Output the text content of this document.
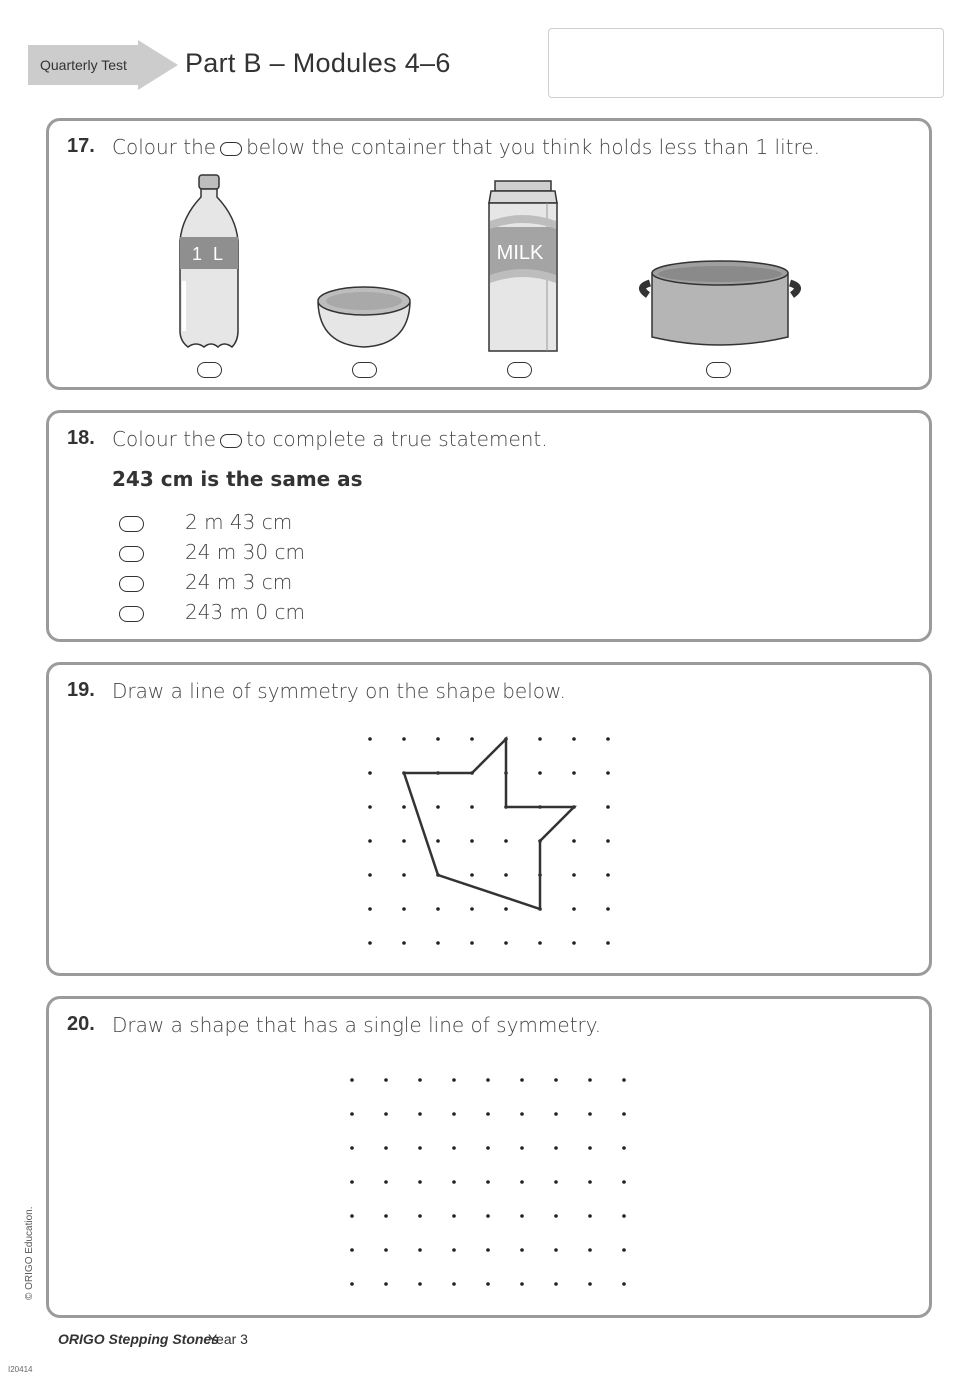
Quarterly Test Part B – Modules 4–6
17. Colour the below the container that you think holds less than 1 litre.
1 L	MILK
18. Colour the to complete a true statement.
243 cm is the same as
2 m 43 cm
24 m 30 cm
24 m 3 cm
243 m 0 cm
19. Draw a line of symmetry on the shape below.
20. Draw a shape that has a single line of symmetry.
ORIGO Stepping Stones
Year 3
© ORIGO Education.
I20414
